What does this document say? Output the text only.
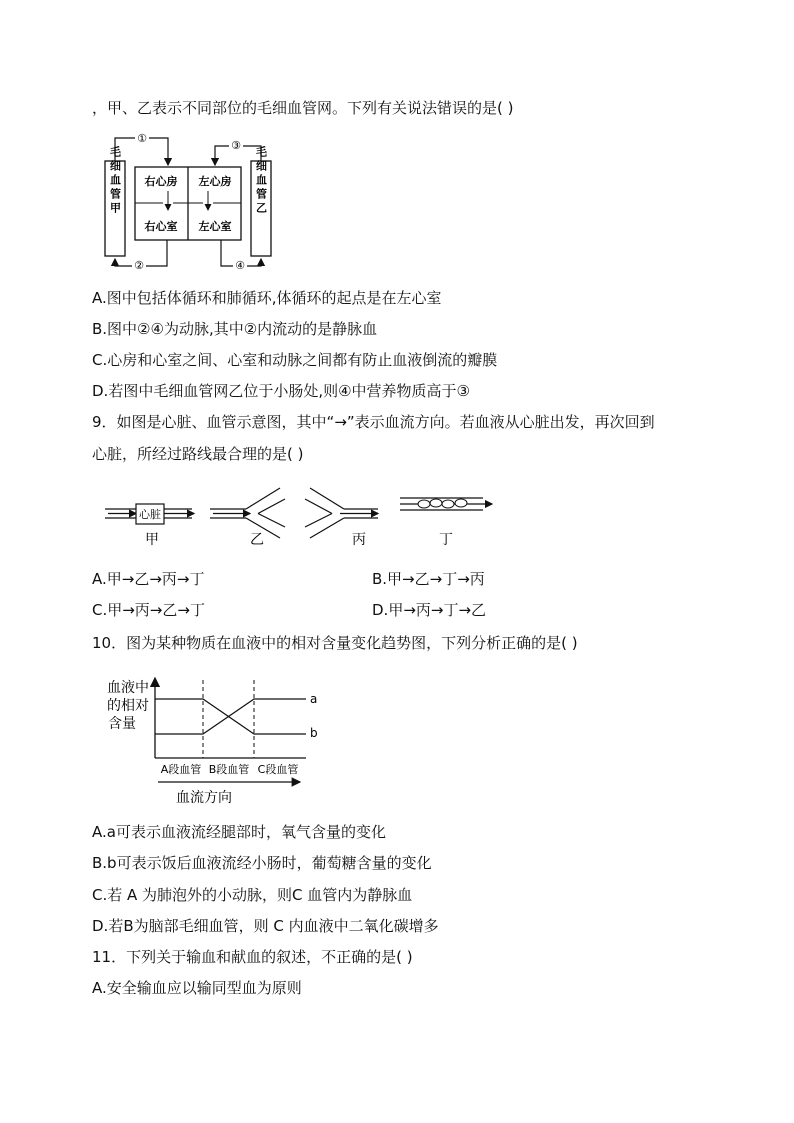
，甲、乙表示不同部位的毛细血管网。下列有关说法错误的是( )
①
③
②	④
右心房 左心房
右心室 左心室
毛细血管甲	毛细血管乙
A.图中包括体循环和肺循环,体循环的起点是在左心室
B.图中②④为动脉,其中②内流动的是静脉血
C.心房和心室之间、心室和动脉之间都有防止血液倒流的瓣膜
D.若图中毛细血管网乙位于小肠处,则④中营养物质高于③
9．如图是心脏、血管示意图，其中“→”表示血流方向。若血液从心脏出发，再次回到
心脏，所经过路线最合理的是( )
心脏
甲	乙	丙	丁
A.甲→乙→丙→丁	B.甲→乙→丁→丙
C.甲→丙→乙→丁	D.甲→丙→丁→乙
10．图为某种物质在血液中的相对含量变化趋势图，下列分析正确的是( )
a
b
血液中
的相对
含量
A段血管 B段血管 C段血管
血流方向
A.a可表示血液流经腿部时，氧气含量的变化
B.b可表示饭后血液流经小肠时，葡萄糖含量的变化
C.若 A 为肺泡外的小动脉，则C 血管内为静脉血
D.若B为脑部毛细血管，则 C 内血液中二氧化碳增多
11．下列关于输血和献血的叙述，不正确的是( )
A.安全输血应以输同型血为原则
